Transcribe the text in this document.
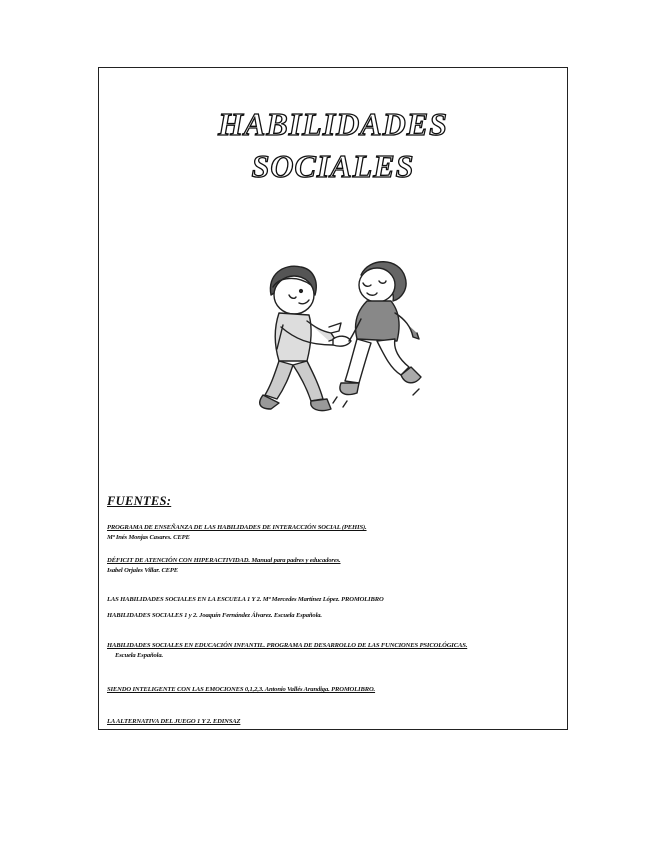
HABILIDADES
SOCIALES
FUENTES:
PROGRAMA DE ENSEÑANZA DE LAS HABILIDADES DE INTERACCIÓN SOCIAL (PEHIS).
Mª Inés Monjas Casares. CEPE
DÉFICIT DE ATENCIÓN CON HIPERACTIVIDAD. Manual para padres y educadores.
Isabel Orjales Villar. CEPE
LAS HABILIDADES SOCIALES EN LA ESCUELA 1 Y 2. Mª Mercedes Martínez López. PROMOLIBRO
HABILIDADES SOCIALES 1 y 2. Joaquín Fernández Álvarez. Escuela Española.
HABILIDADES SOCIALES EN EDUCACIÓN INFANTIL. PROGRAMA DE DESARROLLO DE LAS FUNCIONES PSICOLÓGICAS.
Escuela Española.
SIENDO INTELIGENTE CON LAS EMOCIONES 0,1,2,3. Antonio Vallés Arandiga. PROMOLIBRO.
LA ALTERNATIVA DEL JUEGO 1 Y 2. EDINSAZ
